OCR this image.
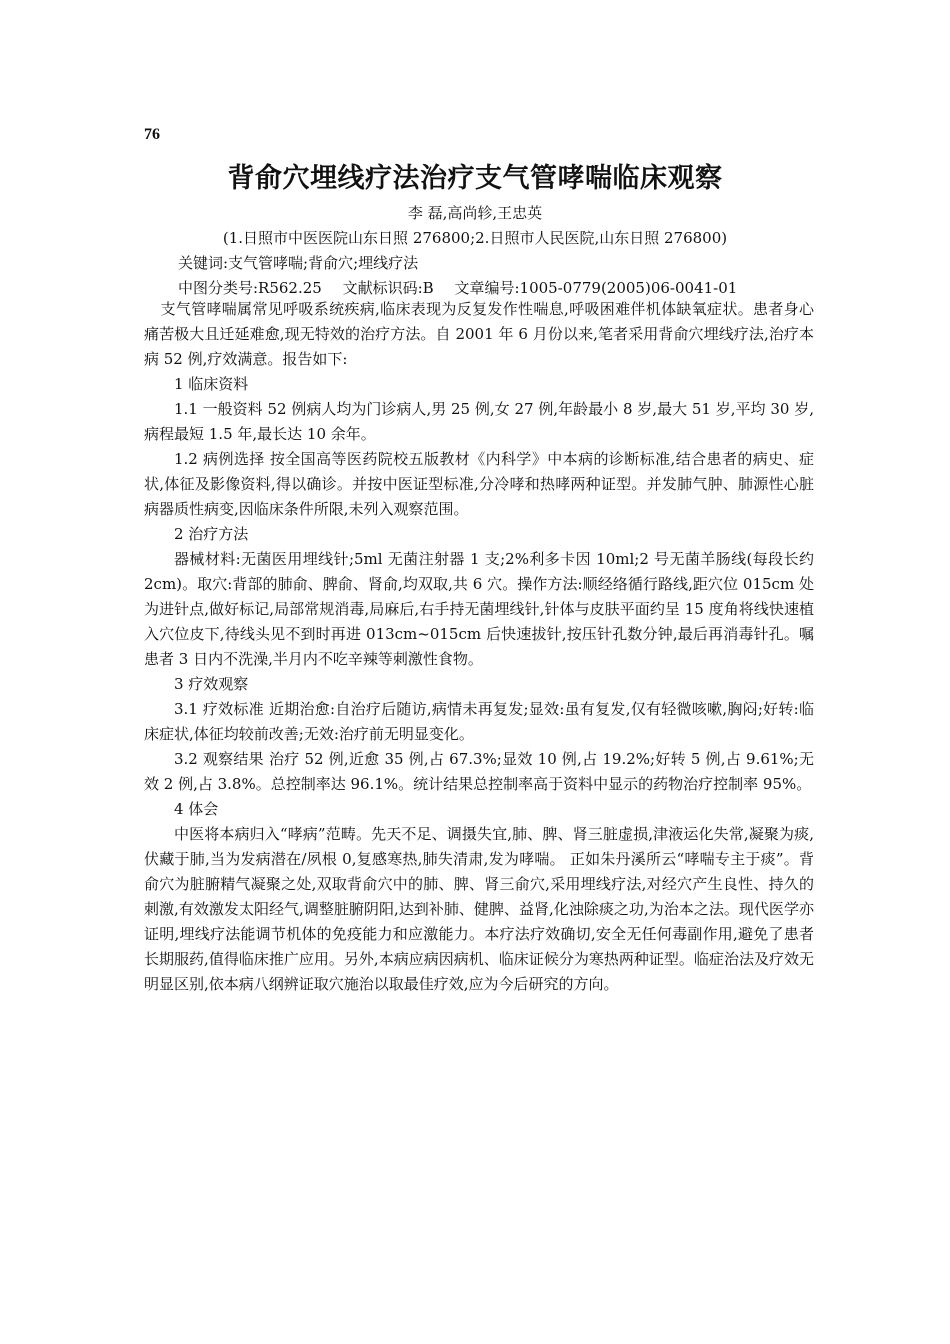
76
背俞穴埋线疗法治疗支气管哮喘临床观察
李 磊,高尚轸,王忠英
(1.日照市中医医院山东日照 276800;2.日照市人民医院,山东日照 276800)
关键词:支气管哮喘;背俞穴;埋线疗法
中图分类号:R562.25 文献标识码:B 文章编号:1005-0779(2005)06-0041-01

支气管哮喘属常见呼吸系统疾病,临床表现为反复发作性喘息,呼吸困难伴机体缺氧症状。患者身心痛苦极大且迁延难愈,现无特效的治疗方法。自 2001 年 6 月份以来,笔者采用背俞穴埋线疗法,治疗本病 52 例,疗效满意。报告如下:

1 临床资料

1.1 一般资料 52 例病人均为门诊病人,男 25 例,女 27 例,年龄最小 8 岁,最大 51 岁,平均 30 岁,病程最短 1.5 年,最长达 10 余年。

1.2 病例选择 按全国高等医药院校五版教材《内科学》中本病的诊断标准,结合患者的病史、症状,体征及影像资料,得以确诊。并按中医证型标准,分冷哮和热哮两种证型。并发肺气肿、肺源性心脏病器质性病变,因临床条件所限,未列入观察范围。

2 治疗方法

器械材料:无菌医用埋线针;5ml 无菌注射器 1 支;2%利多卡因 10ml;2 号无菌羊肠线(每段长约 2cm)。取穴:背部的肺俞、脾俞、肾俞,均双取,共 6 穴。操作方法:顺经络循行路线,距穴位 015cm 处为进针点,做好标记,局部常规消毒,局麻后,右手持无菌埋线针,针体与皮肤平面约呈 15 度角将线快速植入穴位皮下,待线头见不到时再进 013cm~015cm 后快速拔针,按压针孔数分钟,最后再消毒针孔。嘱患者 3 日内不洗澡,半月内不吃辛辣等刺激性食物。

3 疗效观察

3.1 疗效标准 近期治愈:自治疗后随访,病情未再复发;显效:虽有复发,仅有轻微咳嗽,胸闷;好转:临床症状,体征均较前改善;无效:治疗前无明显变化。

3.2 观察结果 治疗 52 例,近愈 35 例,占 67.3%;显效 10 例,占 19.2%;好转 5 例,占 9.61%;无效 2 例,占 3.8%。总控制率达 96.1%。统计结果总控制率高于资料中显示的药物治疗控制率 95%。

4 体会

中医将本病归入“哮病”范畴。先天不足、调摄失宜,肺、脾、肾三脏虚损,津液运化失常,凝聚为痰,伏藏于肺,当为发病潜在/夙根 0,复感寒热,肺失清肃,发为哮喘。 正如朱丹溪所云“哮喘专主于痰”。背俞穴为脏腑精气凝聚之处,双取背俞穴中的肺、脾、肾三俞穴,采用埋线疗法,对经穴产生良性、持久的刺激,有效激发太阳经气,调整脏腑阴阳,达到补肺、健脾、益肾,化浊除痰之功,为治本之法。现代医学亦证明,埋线疗法能调节机体的免疫能力和应激能力。本疗法疗效确切,安全无任何毒副作用,避免了患者长期服药,值得临床推广应用。另外,本病应病因病机、临床证候分为寒热两种证型。临症治法及疗效无明显区别,依本病八纲辨证取穴施治以取最佳疗效,应为今后研究的方向。
